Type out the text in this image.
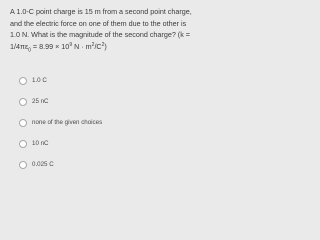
A 1.0-C point charge is 15 m from a second point charge, and the electric force on one of them due to the other is 1.0 N. What is the magnitude of the second charge? ($k = 1/4\pi\varepsilon_0 = 8.99 \times 10^9$ $N \cdot m^2/C^2$)
1.0 C
25 nC
none of the given choices
10 nC
0.025 C
